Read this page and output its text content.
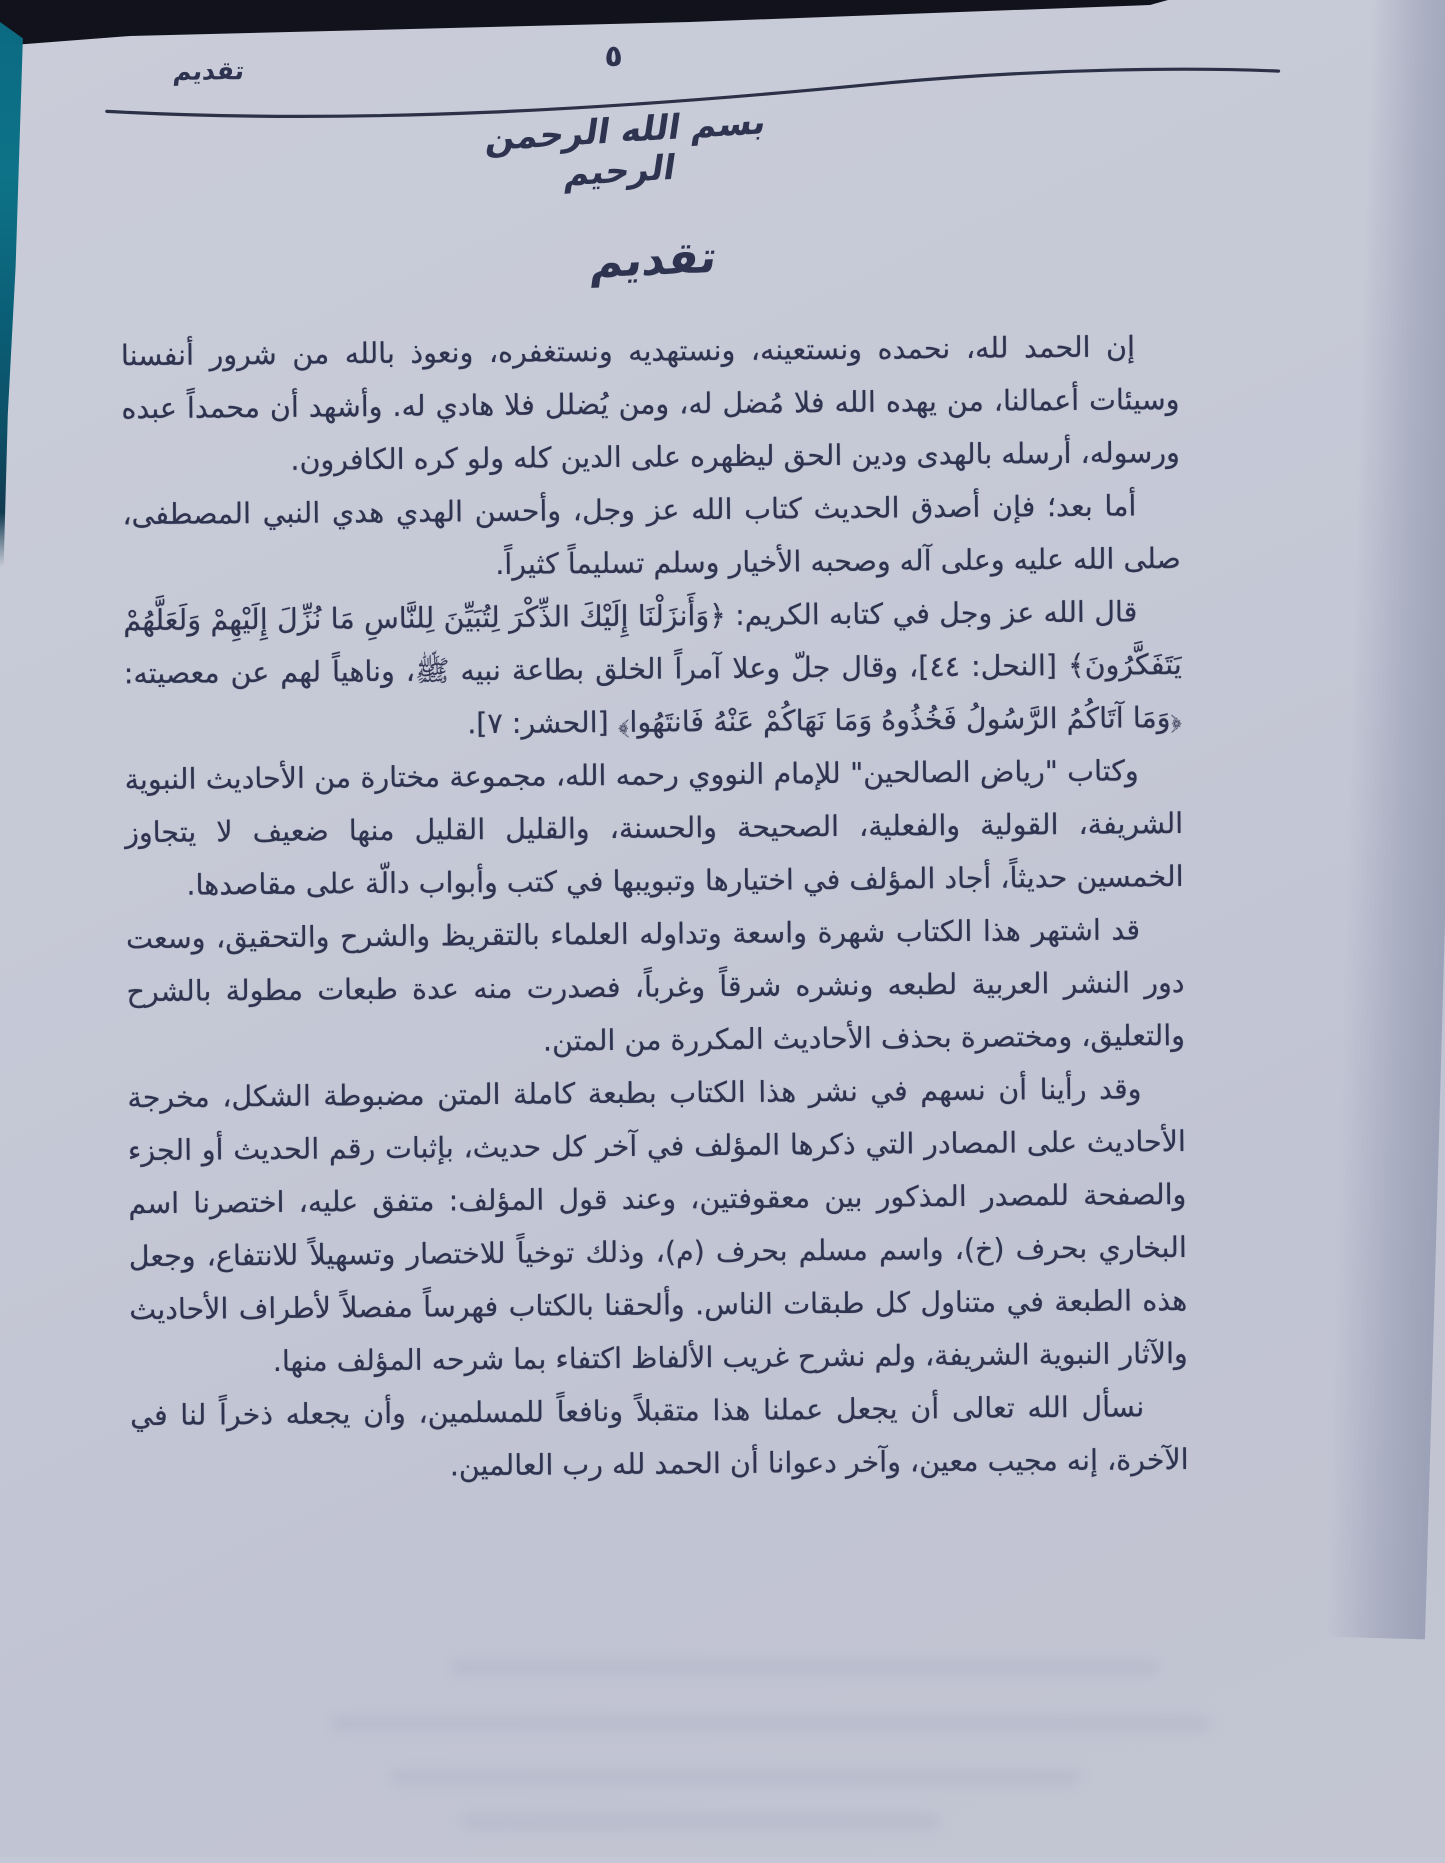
تقديم	٥
بسم الله الرحمن الرحيم
تقديم

إن الحمد لله، نحمده ونستعينه، ونستهديه ونستغفره، ونعوذ بالله من شرور أنفسنا وسيئات أعمالنا، من يهده الله فلا مُضل له، ومن يُضلل فلا هادي له. وأشهد أن محمداً عبده ورسوله، أرسله بالهدى ودين الحق ليظهره على الدين كله ولو كره الكافرون.

أما بعد؛ فإن أصدق الحديث كتاب الله عز وجل، وأحسن الهدي هدي النبي المصطفى، صلى الله عليه وعلى آله وصحبه الأخيار وسلم تسليماً كثيراً.

قال الله عز وجل في كتابه الكريم: ﴿وَأَنزَلْنَا إِلَيْكَ الذِّكْرَ لِتُبَيِّنَ لِلنَّاسِ مَا نُزِّلَ إِلَيْهِمْ وَلَعَلَّهُمْ يَتَفَكَّرُونَ﴾ [النحل: ٤٤]، وقال جلّ وعلا آمراً الخلق بطاعة نبيه ﷺ، وناهياً لهم عن معصيته: ﴿وَمَا آتَاكُمُ الرَّسُولُ فَخُذُوهُ وَمَا نَهَاكُمْ عَنْهُ فَانتَهُوا﴾ [الحشر: ٧].

وكتاب "رياض الصالحين" للإمام النووي رحمه الله، مجموعة مختارة من الأحاديث النبوية الشريفة، القولية والفعلية، الصحيحة والحسنة، والقليل القليل منها ضعيف لا يتجاوز الخمسين حديثاً، أجاد المؤلف في اختيارها وتبويبها في كتب وأبواب دالّة على مقاصدها.

قد اشتهر هذا الكتاب شهرة واسعة وتداوله العلماء بالتقريظ والشرح والتحقيق، وسعت دور النشر العربية لطبعه ونشره شرقاً وغرباً، فصدرت منه عدة طبعات مطولة بالشرح والتعليق، ومختصرة بحذف الأحاديث المكررة من المتن.

وقد رأينا أن نسهم في نشر هذا الكتاب بطبعة كاملة المتن مضبوطة الشكل، مخرجة الأحاديث على المصادر التي ذكرها المؤلف في آخر كل حديث، بإثبات رقم الحديث أو الجزء والصفحة للمصدر المذكور بين معقوفتين، وعند قول المؤلف: متفق عليه، اختصرنا اسم البخاري بحرف (خ)، واسم مسلم بحرف (م)، وذلك توخياً للاختصار وتسهيلاً للانتفاع، وجعل هذه الطبعة في متناول كل طبقات الناس. وألحقنا بالكتاب فهرساً مفصلاً لأطراف الأحاديث والآثار النبوية الشريفة، ولم نشرح غريب الألفاظ اكتفاء بما شرحه المؤلف منها.

نسأل الله تعالى أن يجعل عملنا هذا متقبلاً ونافعاً للمسلمين، وأن يجعله ذخراً لنا في الآخرة، إنه مجيب معين، وآخر دعوانا أن الحمد لله رب العالمين.
